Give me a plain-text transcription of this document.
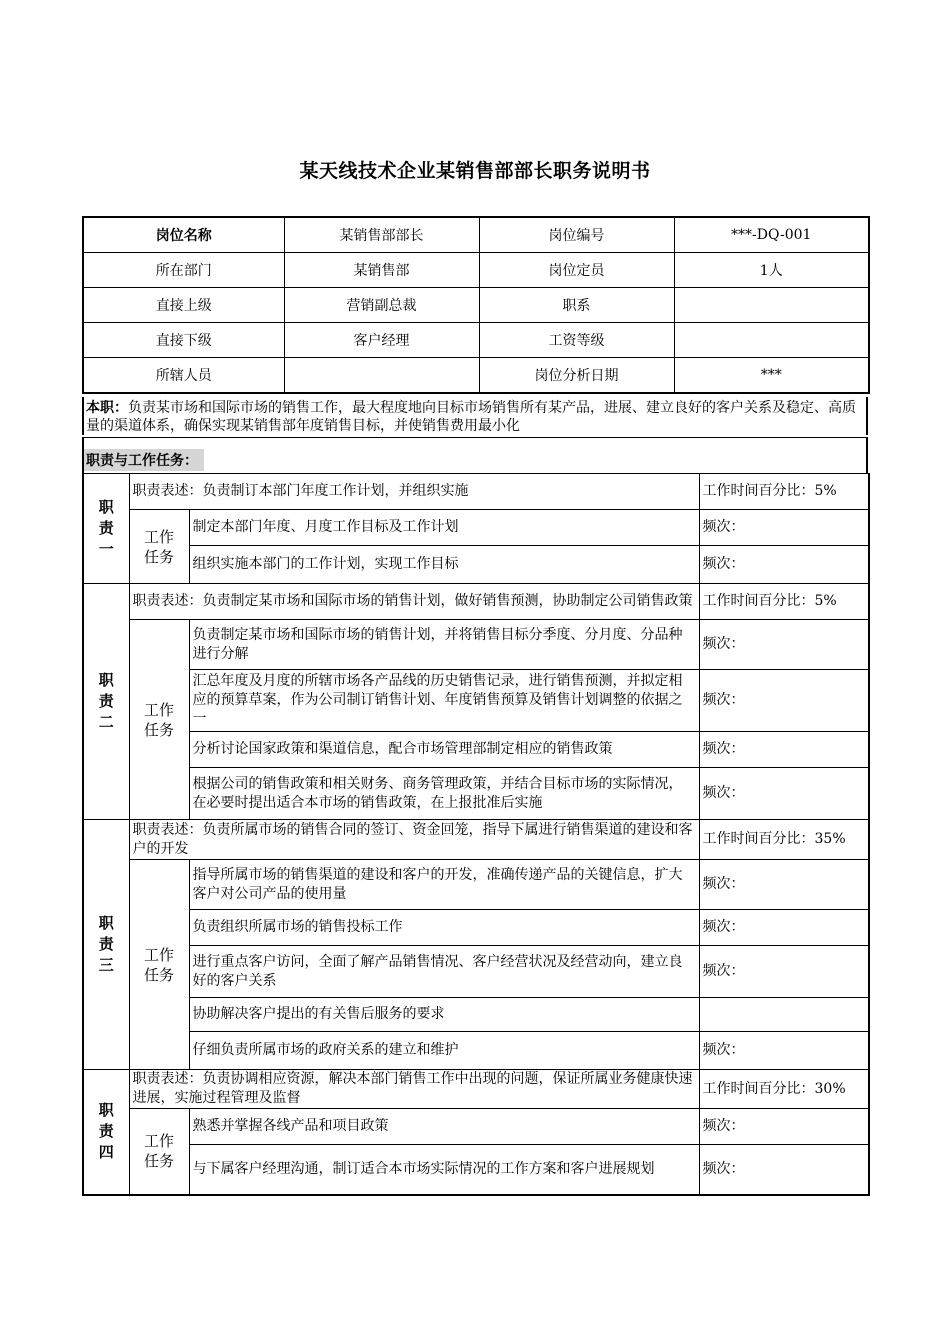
某天线技术企业某销售部部长职务说明书
岗位名称	某销售部部长	岗位编号	***-DQ-001
所在部门	某销售部	岗位定员	1人
直接上级	营销副总裁	职系	
直接下级	客户经理	工资等级	
所辖人员		岗位分析日期	***
本职：负责某市场和国际市场的销售工作，最大程度地向目标市场销售所有某产品，进展、建立良好的客户关系及稳定、高质量的渠道体系，确保实现某销售部年度销售目标，并使销售费用最小化
职责与工作任务：
职
责
一	职责表述：负责制订本部门年度工作计划，并组织实施		工作时间百分比：5%
	工作
任务	制定本部门年度、月度工作目标及工作计划	频次：
		组织实施本部门的工作计划，实现工作目标	频次：
职
责
二	职责表述：负责制定某市场和国际市场的销售计划，做好销售预测，协助制定公司销售政策		工作时间百分比：5%
	工作
任务	负责制定某市场和国际市场的销售计划，并将销售目标分季度、分月度、分品种进行分解	频次：
		汇总年度及月度的所辖市场各产品线的历史销售记录，进行销售预测，并拟定相应的预算草案，作为公司制订销售计划、年度销售预算及销售计划调整的依据之一	频次：
		分析讨论国家政策和渠道信息，配合市场管理部制定相应的销售政策	频次：
		根据公司的销售政策和相关财务、商务管理政策，并结合目标市场的实际情况，在必要时提出适合本市场的销售政策，在上报批准后实施	频次：
职
责
三	职责表述：负责所属市场的销售合同的签订、资金回笼，指导下属进行销售渠道的建设和客户的开发		工作时间百分比：35%
	工作
任务	指导所属市场的销售渠道的建设和客户的开发，准确传递产品的关键信息，扩大客户对公司产品的使用量	频次：
		负责组织所属市场的销售投标工作	频次：
		进行重点客户访问，全面了解产品销售情况、客户经营状况及经营动向，建立良好的客户关系	频次：
		协助解决客户提出的有关售后服务的要求	
		仔细负责所属市场的政府关系的建立和维护	频次：
职
责
四	职责表述：负责协调相应资源，解决本部门销售工作中出现的问题，保证所属业务健康快速进展，实施过程管理及监督		工作时间百分比：30%
	工作
任务	熟悉并掌握各线产品和项目政策	频次：
		与下属客户经理沟通，制订适合本市场实际情况的工作方案和客户进展规划	频次：
